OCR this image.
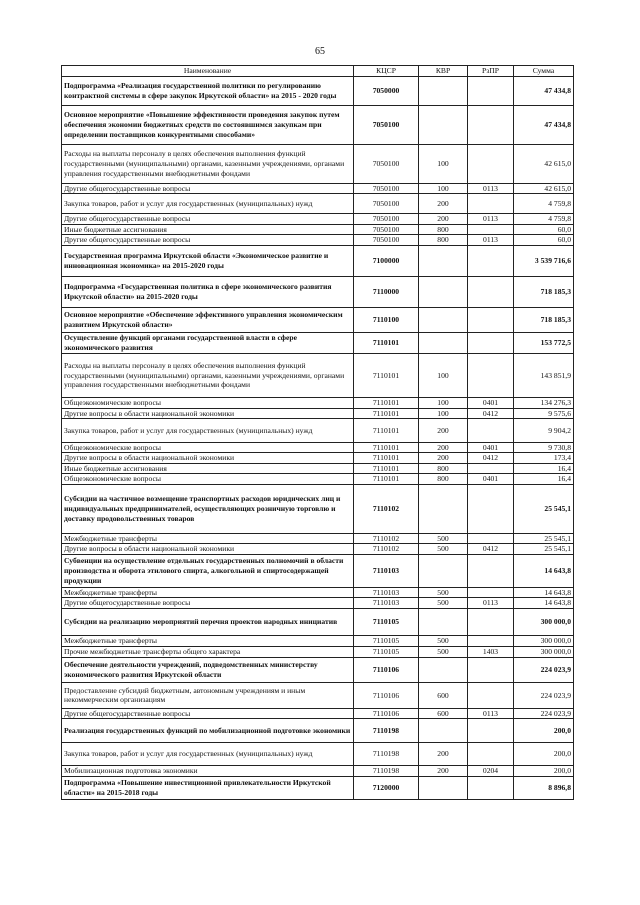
65
Наименование	КЦСР	КВР	РзПР	Сумма
Подпрограмма «Реализация государственной политики по регулированию контрактной системы в сфере закупок Иркутской области» на 2015 - 2020 годы	7050000			47 434,8
Основное мероприятие «Повышение эффективности проведения закупок путем обеспечения экономии бюджетных средств по состоявшимся закупкам при определении поставщиков конкурентными способами»	7050100			47 434,8
Расходы на выплаты персоналу в целях обеспечения выполнения функций государственными (муниципальными) органами, казенными учреждениями, органами управления государственными внебюджетными фондами	7050100	100		42 615,0
Другие общегосударственные вопросы	7050100	100	0113	42 615,0
Закупка товаров, работ и услуг для государственных (муниципальных) нужд	7050100	200		4 759,8
Другие общегосударственные вопросы	7050100	200	0113	4 759,8
Иные бюджетные ассигнования	7050100	800		60,0
Другие общегосударственные вопросы	7050100	800	0113	60,0
Государственная программа Иркутской области «Экономическое развитие и инновационная экономика» на 2015-2020 годы	7100000			3 539 716,6
Подпрограмма «Государственная политика в сфере экономического развития Иркутской области» на 2015-2020 годы	7110000			718 185,3
Основное мероприятие «Обеспечение эффективного управления экономическим развитием Иркутской области»	7110100			718 185,3
Осуществление функций органами государственной власти в сфере экономического развития	7110101			153 772,5
Расходы на выплаты персоналу в целях обеспечения выполнения функций государственными (муниципальными) органами, казенными учреждениями, органами управления государственными внебюджетными фондами	7110101	100		143 851,9
Общеэкономические вопросы	7110101	100	0401	134 276,3
Другие вопросы в области национальной экономики	7110101	100	0412	9 575,6
Закупка товаров, работ и услуг для государственных (муниципальных) нужд	7110101	200		9 904,2
Общеэкономические вопросы	7110101	200	0401	9 730,8
Другие вопросы в области национальной экономики	7110101	200	0412	173,4
Иные бюджетные ассигнования	7110101	800		16,4
Общеэкономические вопросы	7110101	800	0401	16,4
Субсидии на частичное возмещение транспортных расходов юридических лиц и индивидуальных предпринимателей, осуществляющих розничную торговлю и доставку продовольственных товаров	7110102			25 545,1
Межбюджетные трансферты	7110102	500		25 545,1
Другие вопросы в области национальной экономики	7110102	500	0412	25 545,1
Субвенции на осуществление отдельных государственных полномочий в области производства и оборота этилового спирта, алкогольной и спиртосодержащей продукции	7110103			14 643,8
Межбюджетные трансферты	7110103	500		14 643,8
Другие общегосударственные вопросы	7110103	500	0113	14 643,8
Субсидии на реализацию мероприятий перечня проектов народных инициатив	7110105			300 000,0
Межбюджетные трансферты	7110105	500		300 000,0
Прочие межбюджетные трансферты общего характера	7110105	500	1403	300 000,0
Обеспечение деятельности учреждений, подведомственных министерству экономического развития Иркутской области	7110106			224 023,9
Предоставление субсидий бюджетным, автономным учреждениям и иным некоммерческим организациям	7110106	600		224 023,9
Другие общегосударственные вопросы	7110106	600	0113	224 023,9
Реализация государственных функций по мобилизационной подготовке экономики	7110198			200,0
Закупка товаров, работ и услуг для государственных (муниципальных) нужд	7110198	200		200,0
Мобилизационная подготовка экономики	7110198	200	0204	200,0
Подпрограмма «Повышение инвестиционной привлекательности Иркутской области» на 2015-2018 годы	7120000			8 896,8
